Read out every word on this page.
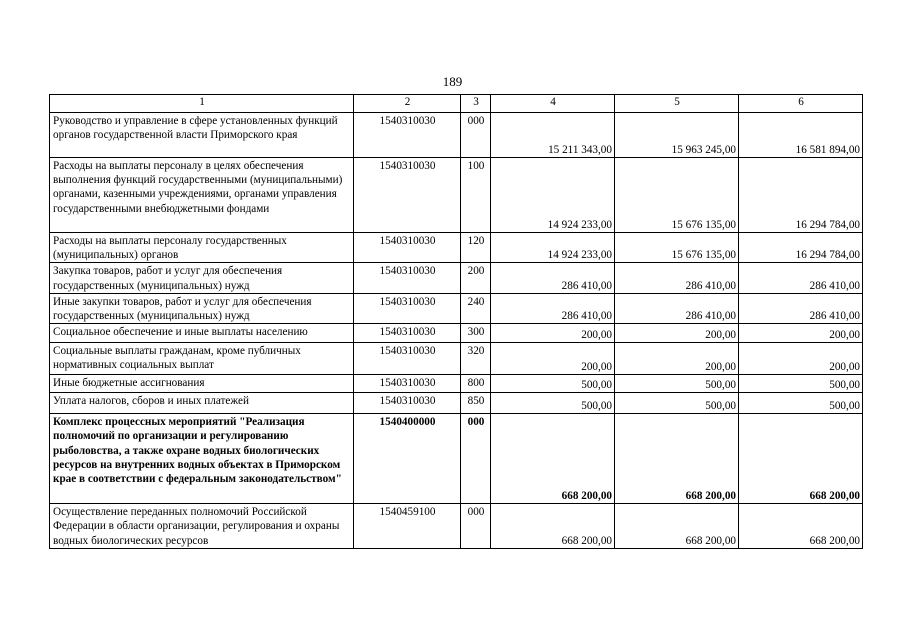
189
1	2	3	4	5	6
Руководство и управление в сфере установленных функций органов государственной власти Приморского края	1540310030	000	15 211 343,00	15 963 245,00	16 581 894,00
Расходы на выплаты персоналу в целях обеспечения выполнения функций государственными (муниципальными) органами, казенными учреждениями, органами управления государственными внебюджетными фондами	1540310030	100	14 924 233,00	15 676 135,00	16 294 784,00
Расходы на выплаты персоналу государственных (муниципальных) органов	1540310030	120	14 924 233,00	15 676 135,00	16 294 784,00
Закупка товаров, работ и услуг для обеспечения государственных (муниципальных) нужд	1540310030	200	286 410,00	286 410,00	286 410,00
Иные закупки товаров, работ и услуг для обеспечения государственных (муниципальных) нужд	1540310030	240	286 410,00	286 410,00	286 410,00
Социальное обеспечение и иные выплаты населению	1540310030	300	200,00	200,00	200,00
Социальные выплаты гражданам, кроме публичных нормативных социальных выплат	1540310030	320	200,00	200,00	200,00
Иные бюджетные ассигнования	1540310030	800	500,00	500,00	500,00
Уплата налогов, сборов и иных платежей	1540310030	850	500,00	500,00	500,00
Комплекс процессных мероприятий "Реализация полномочий по организации и регулированию рыболовства, а также охране водных биологических ресурсов на внутренних водных объектах в Приморском крае в соответствии с федеральным законодательством"	1540400000	000	668 200,00	668 200,00	668 200,00
Осуществление переданных полномочий Российской Федерации в области организации, регулирования и охраны водных биологических ресурсов	1540459100	000	668 200,00	668 200,00	668 200,00
